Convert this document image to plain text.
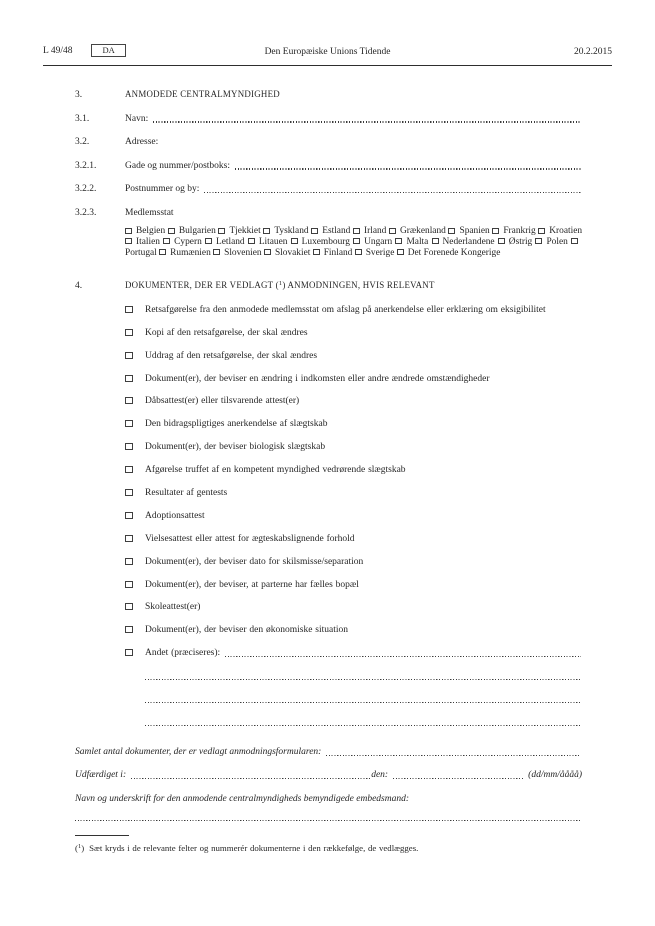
L 49/48	DA	Den Europæiske Unions Tidende	20.2.2015
3.	ANMODEDE CENTRALMYNDIGHED
3.1.	Navn:
3.2.	Adresse:
3.2.1.	Gade og nummer/postboks:
3.2.2.	Postnummer og by:
3.2.3.	Medlemsstat
Belgien Bulgarien Tjekkiet Tyskland Estland Irland Grækenland Spanien Frankrig Kroatien Italien Cypern Letland Litauen Luxembourg Ungarn Malta Nederlandene Østrig Polen Portugal Rumænien Slovenien Slovakiet Finland Sverige Det Forenede Kongerige
4.	DOKUMENTER, DER ER VEDLAGT ($^1$) ANMODNINGEN, HVIS RELEVANT
Retsafgørelse fra den anmodede medlemsstat om afslag på anerkendelse eller erklæring om eksigibilitet
Kopi af den retsafgørelse, der skal ændres
Uddrag af den retsafgørelse, der skal ændres
Dokument(er), der beviser en ændring i indkomsten eller andre ændrede omstændigheder
Dåbsattest(er) eller tilsvarende attest(er)
Den bidragspligtiges anerkendelse af slægtskab
Dokument(er), der beviser biologisk slægtskab
Afgørelse truffet af en kompetent myndighed vedrørende slægtskab
Resultater af gentests
Adoptionsattest
Vielsesattest eller attest for ægteskabslignende forhold
Dokument(er), der beviser dato for skilsmisse/separation
Dokument(er), der beviser, at parterne har fælles bopæl
Skoleattest(er)
Dokument(er), der beviser den økonomiske situation
Andet (præciseres):
Samlet antal dokumenter, der er vedlagt anmodningsformularen:
Udfærdiget i:	den:	(dd/mm/åååå)
Navn og underskrift for den anmodende centralmyndigheds bemyndigede embedsmand:

($^1$) Sæt kryds i de relevante felter og nummerér dokumenterne i den rækkefølge, de vedlægges.
